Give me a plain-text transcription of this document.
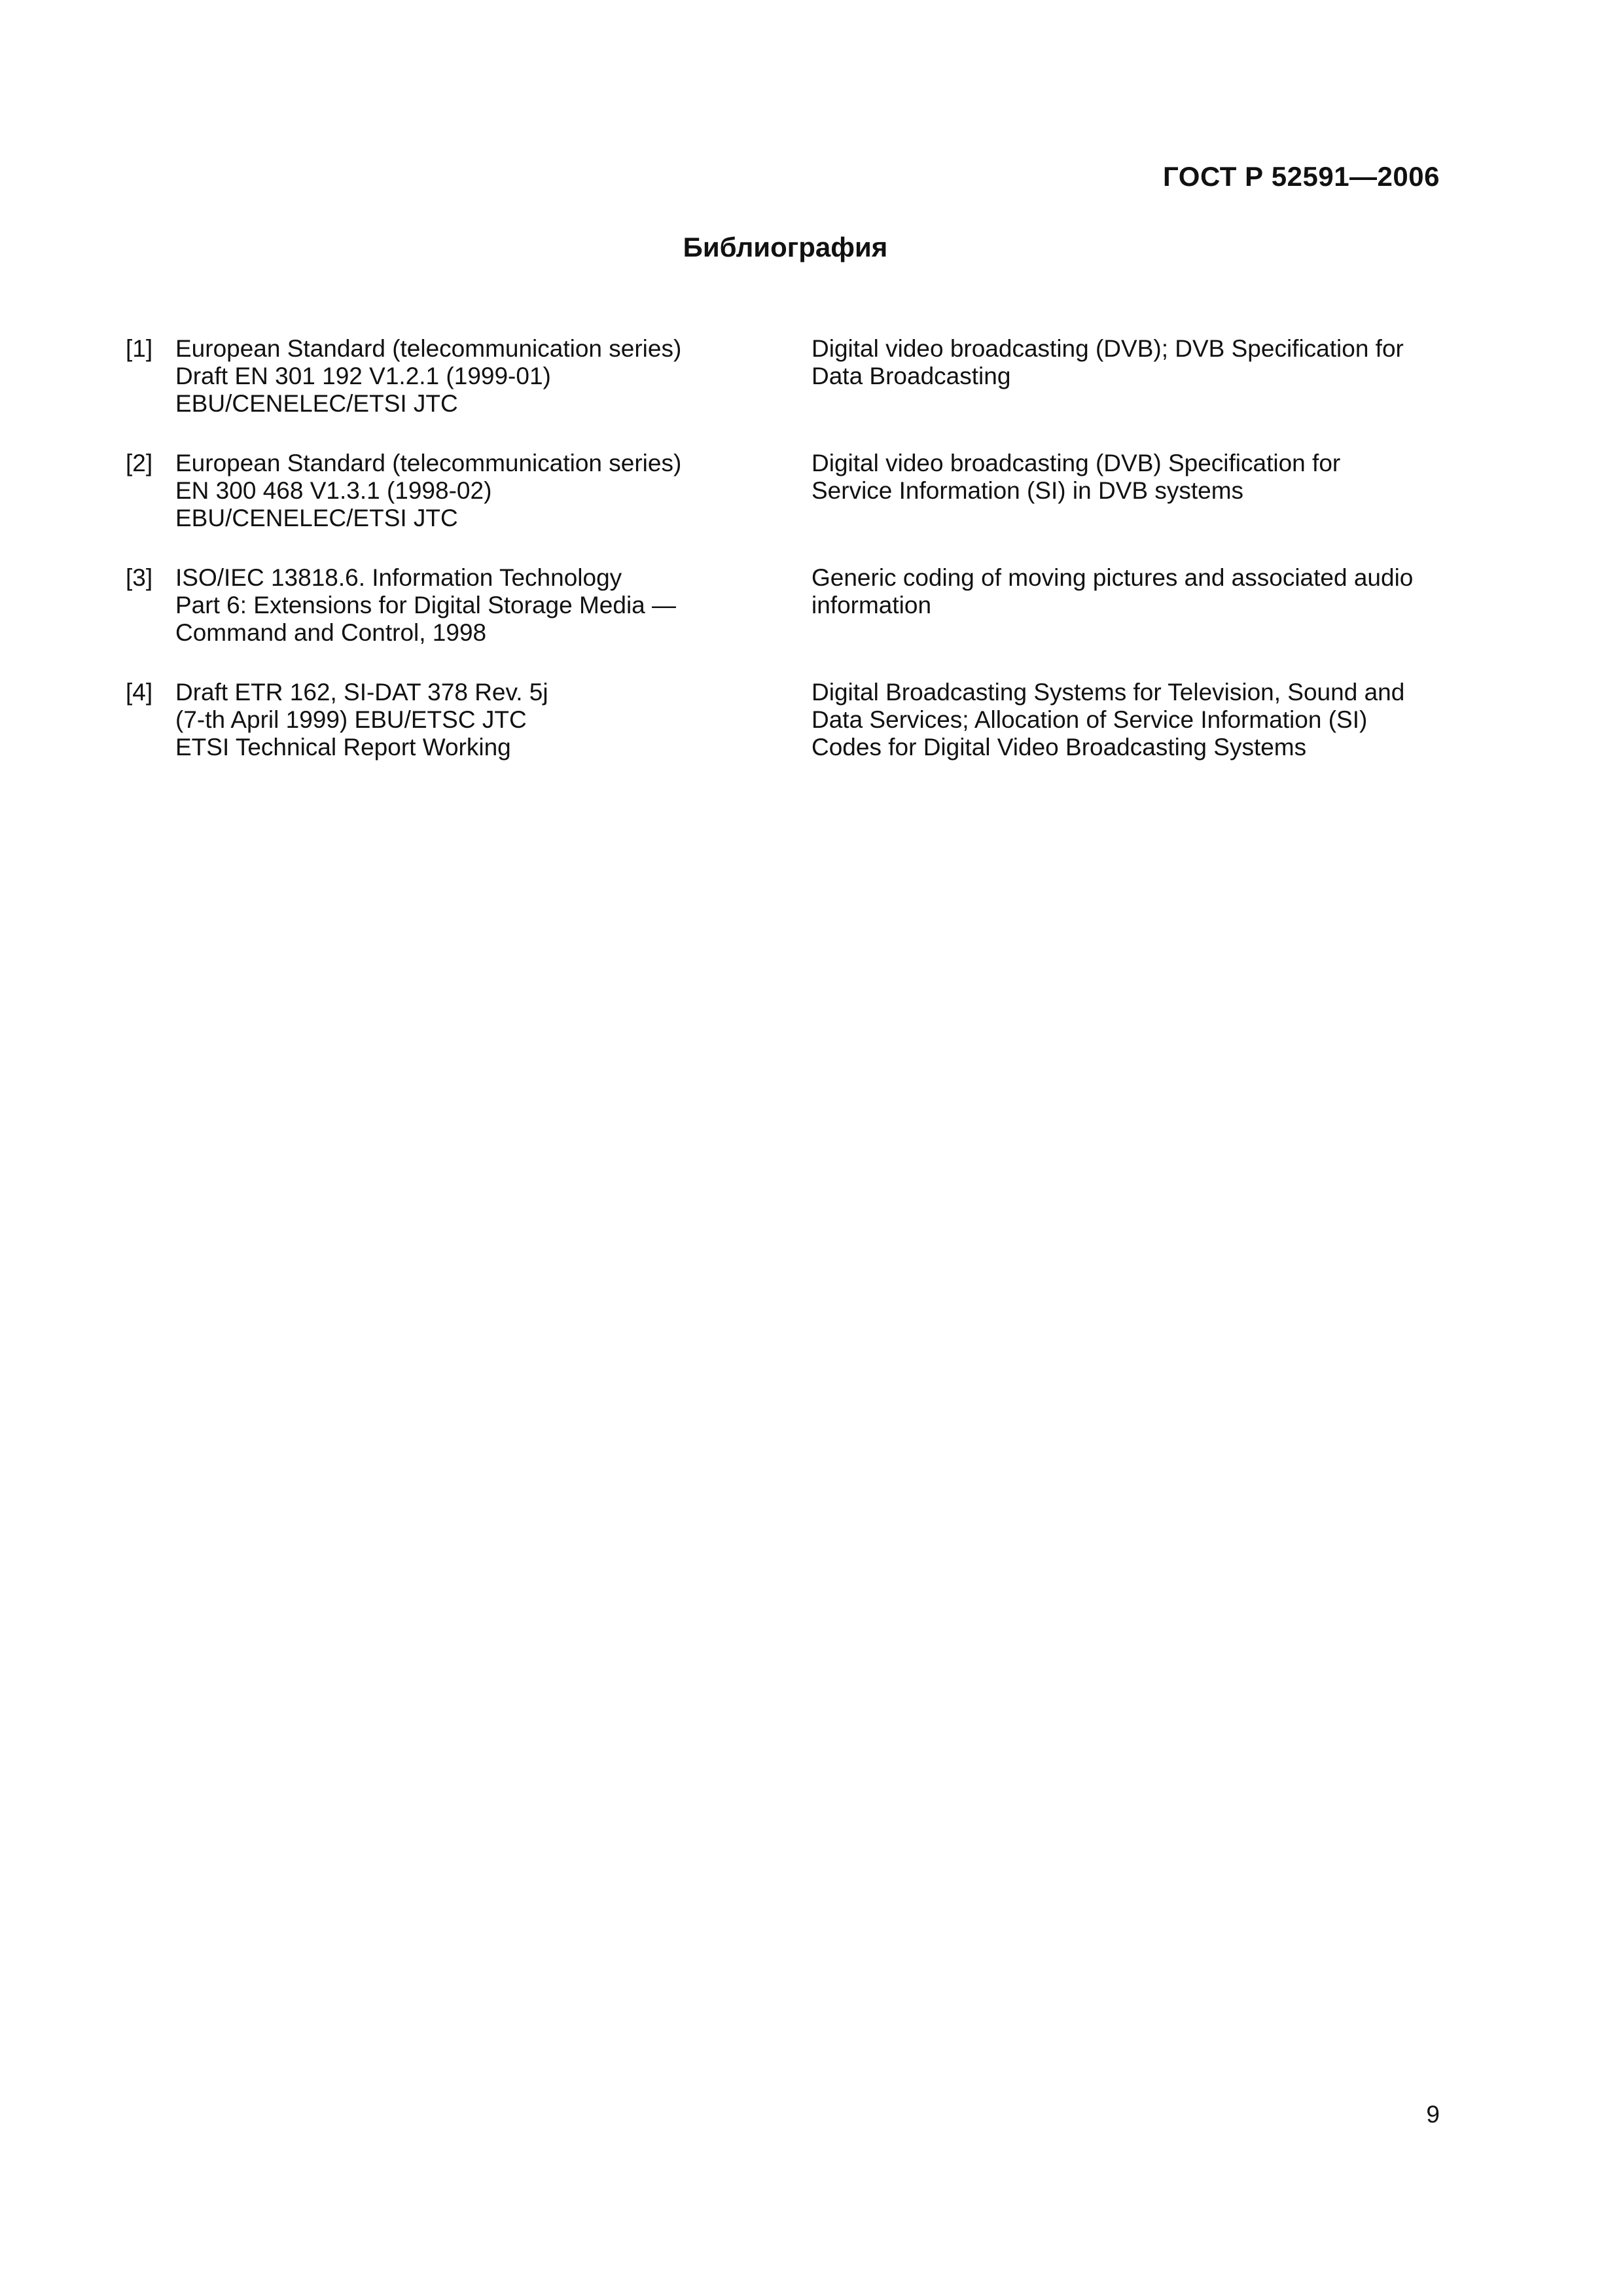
ГОСТ Р 52591—2006
Библиография
[1] European Standard (telecommunication series)
Draft EN 301 192 V1.2.1 (1999-01)
EBU/CENELEC/ETSI JTC
Digital video broadcasting (DVB); DVB Specification for
Data Broadcasting
[2] European Standard (telecommunication series)
EN 300 468 V1.3.1 (1998-02)
EBU/CENELEC/ETSI JTC
Digital video broadcasting (DVB) Specification for
Service Information (SI) in DVB systems
[3] ISO/IEC 13818.6. Information Technology
Part 6: Extensions for Digital Storage Media —
Command and Control, 1998
Generic coding of moving pictures and associated audio
information
[4] Draft ETR 162, SI-DAT 378 Rev. 5j
(7-th April 1999) EBU/ETSC JTC
ETSI Technical Report Working
Digital Broadcasting Systems for Television, Sound and
Data Services; Allocation of Service Information (SI)
Codes for Digital Video Broadcasting Systems
9
